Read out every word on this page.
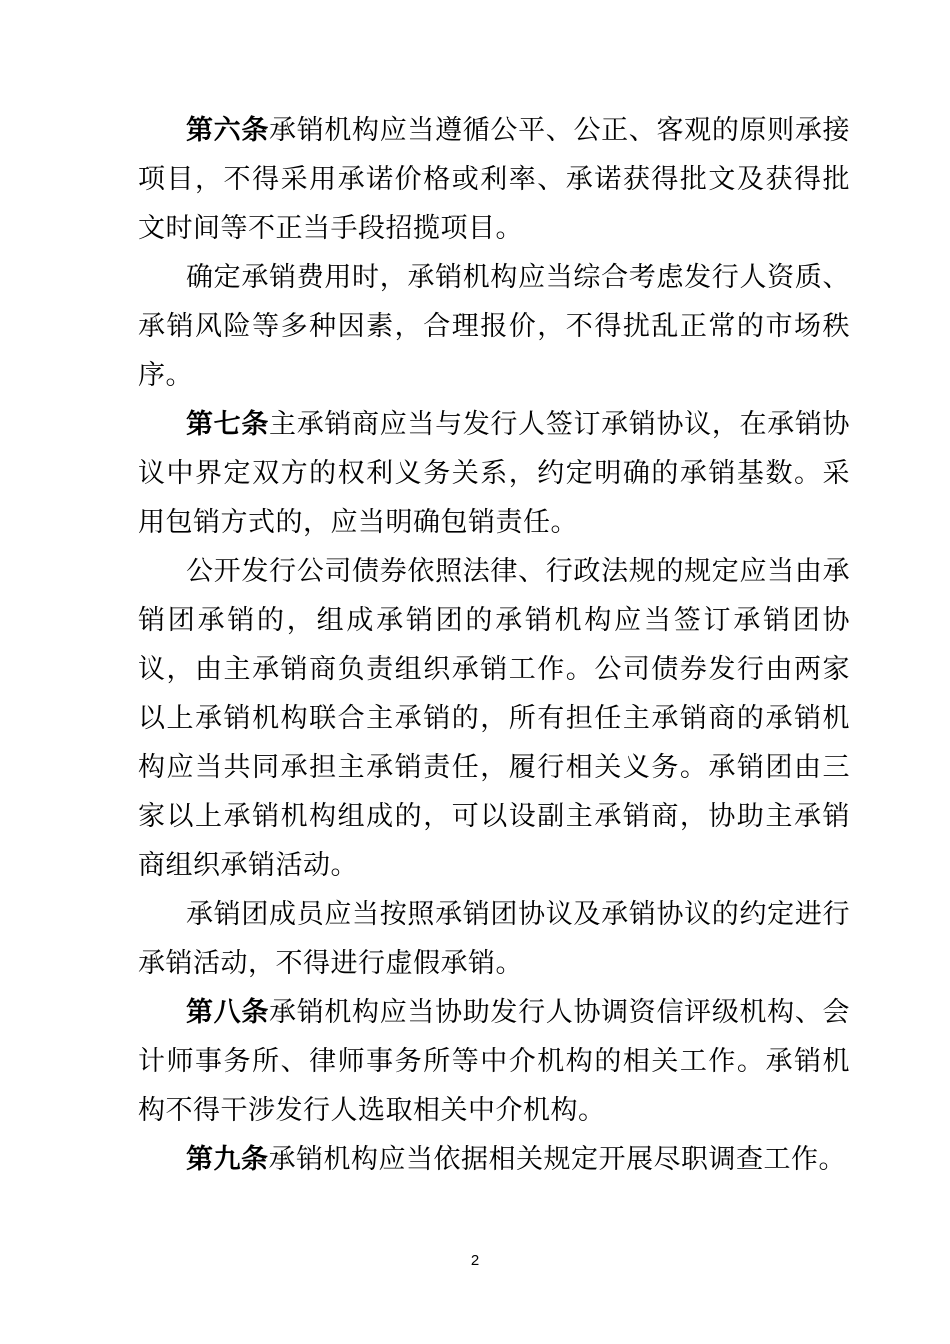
第六条承销机构应当遵循公平、公正、客观的原则承接项目，不得采用承诺价格或利率、承诺获得批文及获得批文时间等不正当手段招揽项目。

确定承销费用时，承销机构应当综合考虑发行人资质、承销风险等多种因素，合理报价，不得扰乱正常的市场秩序。

第七条主承销商应当与发行人签订承销协议，在承销协议中界定双方的权利义务关系，约定明确的承销基数。采用包销方式的，应当明确包销责任。

公开发行公司债券依照法律、行政法规的规定应当由承销团承销的，组成承销团的承销机构应当签订承销团协议，由主承销商负责组织承销工作。公司债券发行由两家以上承销机构联合主承销的，所有担任主承销商的承销机构应当共同承担主承销责任，履行相关义务。承销团由三家以上承销机构组成的，可以设副主承销商，协助主承销商组织承销活动。

承销团成员应当按照承销团协议及承销协议的约定进行承销活动，不得进行虚假承销。

第八条承销机构应当协助发行人协调资信评级机构、会计师事务所、律师事务所等中介机构的相关工作。承销机构不得干涉发行人选取相关中介机构。

第九条承销机构应当依据相关规定开展尽职调查工作。

2
